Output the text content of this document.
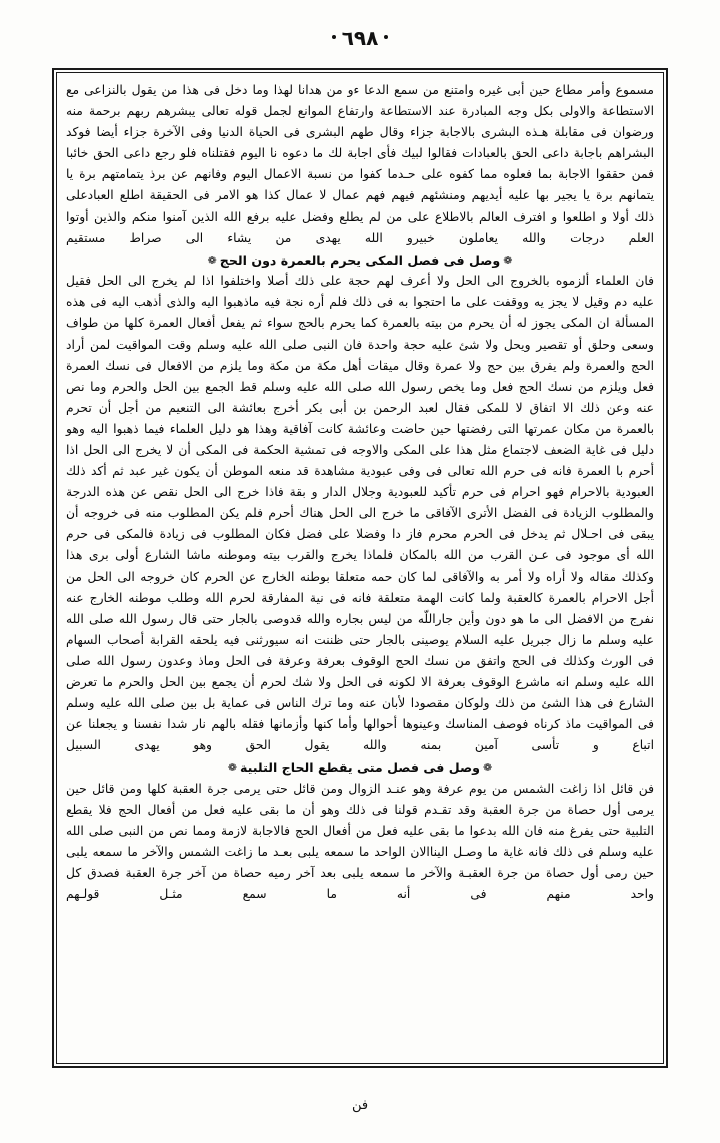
٦٩٨
مسموع وأمر مطاع حين أبى غيره وامتنع من سمع الدعا ءو من هدانا لهذا وما دخل فى هذا من يقول بالنزاعى مع الاستطاعة والاولى بكل وجه المبادرة عند الاستطاعة وارتفاع الموانع لجمل قوله تعالى يبشرهم ربهم برحمة منه ورضوان فى مقابلة هـذه البشرى بالاجابة جزاء وقال طهم البشرى فى الحياة الدنيا وفى الآخرة جزاء أيضا فوكد البشراهم باجابة داعى الحق بالعبادات فقالوا لبيك فأى اجابة لك ما دعوه نا اليوم فقتلناه فلو رجع داعى الحق خائبا فمن حققوا الاجابة بما فعلوه مما كفوه على حـدما كفوا من نسبة الاعمال اليوم وفانهم عن برذ يتمامتهم برة يا يتمانهم برة يا يجير بها عليه أيديهم ومنشئهم فيهم فهم عمال لا عمال كذا هو الامر فى الحقيقة اطلع العبادعلى ذلك أولا و اطلعوا و افترف العالم بالاطلاع على من لم يطلع وفضل عليه برفع الله الذين آمنوا منكم والذين أوتوا العلم درجات والله يعاملون خبيرو الله يهدى من يشاء الى صراط مستقيم
❁وصل فى فصل المكى يحرم بالعمرة دون الحج❁
فان العلماء ألزموه بالخروج الى الحل ولا أعرف لهم حجة على ذلك أصلا واختلفوا اذا لم يخرج الى الحل فقيل عليه دم وقيل لا يجز يه ووقفت على ما احتجوا به فى ذلك فلم أره نجة فيه ماذهبوا اليه والذى أذهب اليه فى هذه المسألة ان المكى يجوز له أن يحرم من بيته بالعمرة كما يحرم بالحج سواء ثم يفعل أفعال العمرة كلها من طواف وسعى وحلق أو تقصير ويحل ولا شئ عليه حجة واحدة فان النبى صلى الله عليه وسلم وقت المواقيت لمن أراد الحج والعمرة ولم يفرق بين حج ولا عمرة وقال ميقات أهل مكة من مكة وما يلزم من الافعال فى نسك العمرة فعل ويلزم من نسك الحج فعل وما يخص رسول الله صلى الله عليه وسلم قط الجمع بين الحل والحرم وما نص عنه وعن ذلك الا اتفاق لا للمكى فقال لعبد الرحمن بن أبى بكر أخرج بعائشة الى التنعيم من أجل أن تحرم بالعمرة من مكان عمرتها التى رفضتها حين حاضت وعائشة كانت آفاقية وهذا هو دليل العلماء فيما ذهبوا اليه وهو دليل فى غاية الضعف لاجتماع مثل هذا على المكى والاوجه فى تمشية الحكمة فى المكى أن لا يخرج الى الحل اذا أحرم با العمرة فانه فى حرم الله تعالى فى وفى عبودية مشاهدة قد منعه الموطن أن يكون غير عبد ثم أكد ذلك العبودية بالاحرام فهو احرام فى حرم تأكيد للعبودية وجلال الدار و بقة فاذا خرج الى الحل نقص عن هذه الدرجة والمطلوب الزيادة فى الفضل الأترى الآفاقى ما خرج الى الحل هناك أحرم فلم يكن المطلوب منه فى خروجه أن يبقى فى احـلال ثم يدخل فى الحرم محرم فاز دا وفضلا على فضل فكان المطلوب فى زيادة فالمكى فى حرم الله أى موجود فى عـن القرب من الله بالمكان فلماذا يخرج والقرب بيته وموطنه ماشا الشارع أولى برى هذا وكذلك مقاله ولا أراه ولا أمر به والآفاقى لما كان حمه متعلقا بوطنه الخارج عن الحرم كان خروجه الى الحل من أجل الاحرام بالعمرة كالعقبة ولما كانت الهمة متعلقة فانه فى نية المفارقة لحرم الله وطلب موطنه الخارج عنه نفرج من الافضل الى ما هو دون وأين جاراللّه من ليس بجاره والله قدوصى بالجار حتى قال رسول الله صلى الله عليه وسلم ما زال جبريل عليه السلام يوصينى بالجار حتى ظننت انه سيورثنى فيه يلحقه القرابة أصحاب السهام فى الورث وكذلك فى الحج واتفق من نسك الحج الوقوف بعرفة وعرفة فى الحل وماذ وعدون رسول الله صلى الله عليه وسلم انه ماشرع الوقوف بعرفة الا لكونه فى الحل ولا شك لحرم أن يجمع بين الحل والحرم ما تعرض الشارع فى هذا الشئ من ذلك ولوكان مقصودا لأبان عنه وما ترك الناس فى عماية بل بين صلى الله عليه وسلم فى المواقيت ماذ كرناه فوصف المناسك وعينوها أحوالها وأما كنها وأزمانها فقله بالهم نار شدا نفسنا و يجعلنا عن اتباع و تأسى آمين بمنه والله يقول الحق وهو يهدى السبيل
❁وصل فى فصل متى يقطع الحاج التلبية❁
فن قائل اذا زاغت الشمس من يوم عرفة وهو عنـد الزوال ومن قائل حتى يرمى جرة العقبة كلها ومن قائل حين يرمى أول حصاة من جرة العقبة وقد تقـدم قولنا فى ذلك وهو أن ما بقى عليه فعل من أفعال الحج فلا يقطع التلبية حتى يفرغ منه فان الله بدعوا ما بقى عليه فعل من أفعال الحج فالاجابة لازمة ومما نص من النبى صلى الله عليه وسلم فى ذلك فانه غاية ما وصـل اليناالان الواحد ما سمعه يلبى بعـد ما زاغت الشمس والآخر ما سمعه يلبى حين رمى أول حصاة من جرة العقبـة والآخر ما سمعه يلبى بعد آخر رميه حصاة من آخر جرة العقبة فصدق كل واحد منهم فى أنه ما سمع مثـل قولـهم
فن
